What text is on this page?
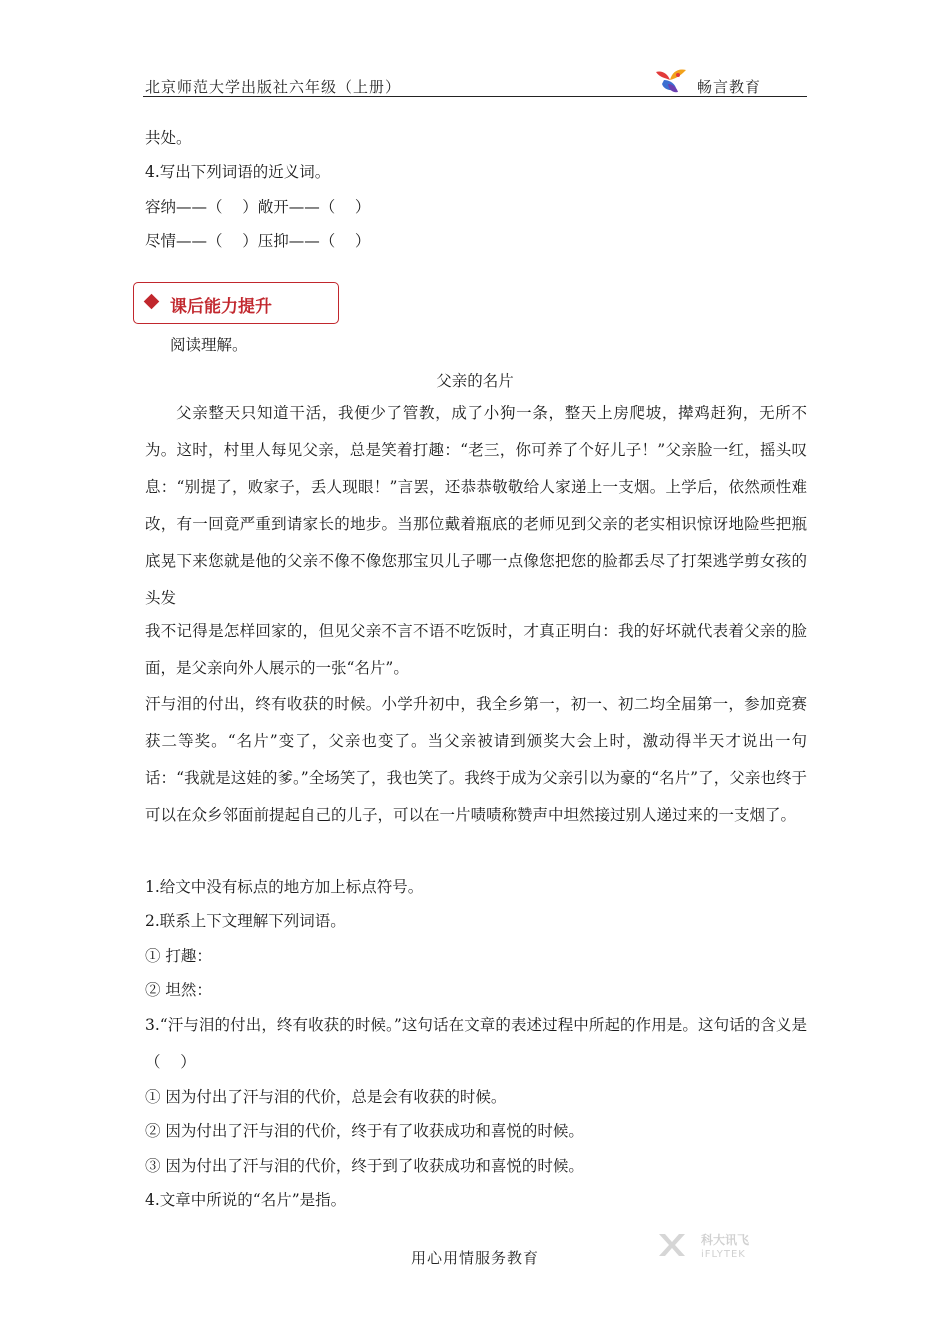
北京师范大学出版社六年级（上册）	畅言教育
共处。
4.写出下列词语的近义词。
容纳——（    ）敞开——（    ）
尽情——（    ）压抑——（    ）
课后能力提升
阅读理解。
父亲的名片
父亲整天只知道干活，我便少了管教，成了小狗一条，整天上房爬坡，撵鸡赶狗，无所不为。这时，村里人每见父亲，总是笑着打趣：“老三，你可养了个好儿子！”父亲脸一红，摇头叹息：“别提了，败家子，丢人现眼！”言罢，还恭恭敬敬给人家递上一支烟。上学后，依然顽性难改，有一回竟严重到请家长的地步。当那位戴着瓶底的老师见到父亲的老实相识惊讶地险些把瓶底晃下来您就是他的父亲不像不像您那宝贝儿子哪一点像您把您的脸都丢尽了打架逃学剪女孩的头发
我不记得是怎样回家的，但见父亲不言不语不吃饭时，才真正明白：我的好坏就代表着父亲的脸面，是父亲向外人展示的一张“名片”。
汗与泪的付出，终有收获的时候。小学升初中，我全乡第一，初一、初二均全届第一，参加竞赛获二等奖。“名片”变了，父亲也变了。当父亲被请到颁奖大会上时，激动得半天才说出一句话：“我就是这娃的爹。”全场笑了，我也笑了。我终于成为父亲引以为豪的“名片”了，父亲也终于可以在众乡邻面前提起自己的儿子，可以在一片啧啧称赞声中坦然接过别人递过来的一支烟了。
1.给文中没有标点的地方加上标点符号。
2.联系上下文理解下列词语。
① 打趣：
② 坦然：
3.“汗与泪的付出，终有收获的时候。”这句话在文章的表述过程中所起的作用是。这句话的含义是（    ）
① 因为付出了汗与泪的代价，总是会有收获的时候。
② 因为付出了汗与泪的代价，终于有了收获成功和喜悦的时候。
③ 因为付出了汗与泪的代价，终于到了收获成功和喜悦的时候。
4.文章中所说的“名片”是指。
用心用情服务教育
科大讯飞
iFLYTEK
